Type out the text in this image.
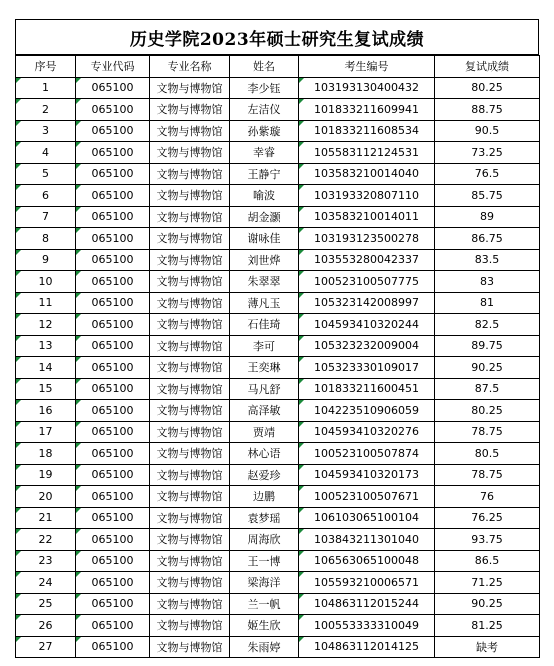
历史学院2023年硕士研究生复试成绩
序号	专业代码	专业名称	姓名	考生编号	复试成绩

1	065100	文物与博物馆	李少钰	103193130400432	80.25

2	065100	文物与博物馆	左洁仪	101833211609941	88.75

3	065100	文物与博物馆	孙紫璇	101833211608534	90.5

4	065100	文物与博物馆	幸睿	105583112124531	73.25

5	065100	文物与博物馆	王静宁	103583210014040	76.5

6	065100	文物与博物馆	喻波	103193320807110	85.75

7	065100	文物与博物馆	胡金灏	103583210014011	89

8	065100	文物与博物馆	谢咏佳	103193123500278	86.75

9	065100	文物与博物馆	刘世烨	103553280042337	83.5

10	065100	文物与博物馆	朱翠翠	100523100507775	83

11	065100	文物与博物馆	薄凡玉	105323142008997	81

12	065100	文物与博物馆	石佳琦	104593410320244	82.5

13	065100	文物与博物馆	李可	105323232009004	89.75

14	065100	文物与博物馆	王奕琳	105323330109017	90.25

15	065100	文物与博物馆	马凡舒	101833211600451	87.5

16	065100	文物与博物馆	高泽敏	104223510906059	80.25

17	065100	文物与博物馆	贾靖	104593410320276	78.75

18	065100	文物与博物馆	林心语	100523100507874	80.5

19	065100	文物与博物馆	赵爱珍	104593410320173	78.75

20	065100	文物与博物馆	边鹏	100523100507671	76

21	065100	文物与博物馆	袁梦瑶	106103065100104	76.25

22	065100	文物与博物馆	周海欣	103843211301040	93.75

23	065100	文物与博物馆	王一博	106563065100048	86.5

24	065100	文物与博物馆	梁海洋	105593210006571	71.25

25	065100	文物与博物馆	兰一帆	104863112015244	90.25

26	065100	文物与博物馆	姬生欣	100553333310049	81.25

27	065100	文物与博物馆	朱雨婷	104863112014125	缺考
